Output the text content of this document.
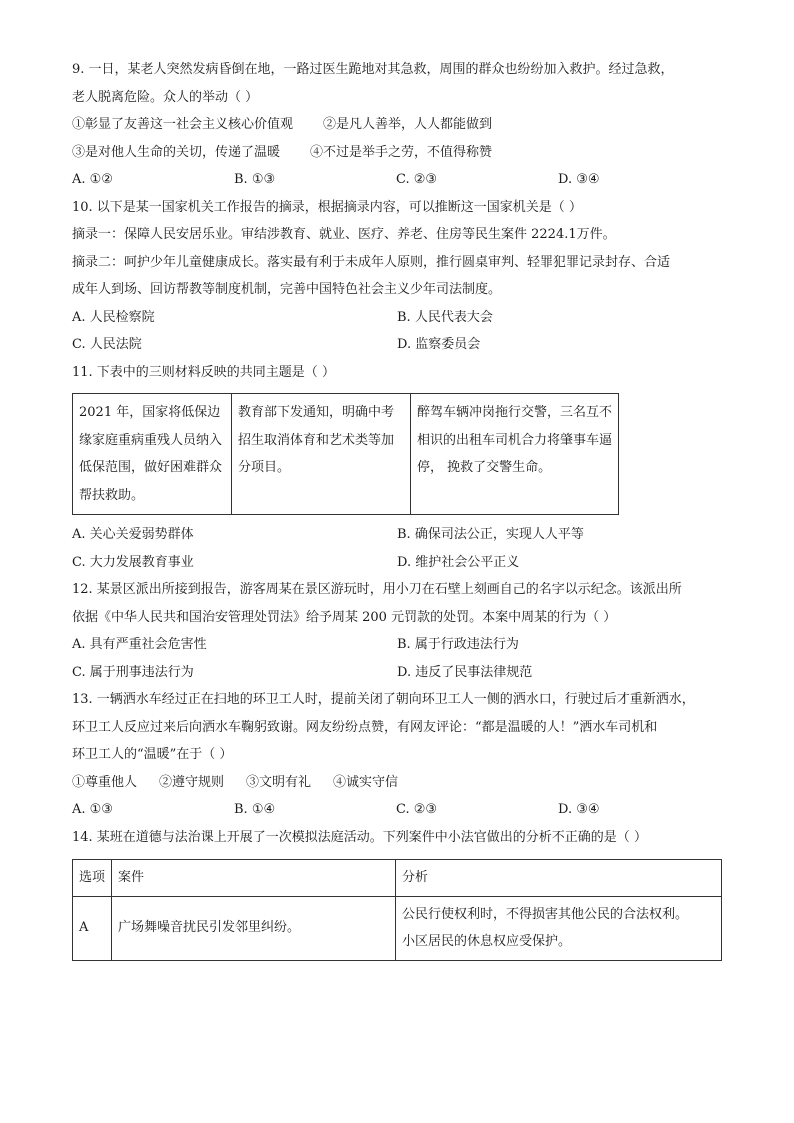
9. 一日，某老人突然发病昏倒在地，一路过医生跪地对其急救，周围的群众也纷纷加入救护。经过急救，
老人脱离危险。众人的举动（ ）
①彰显了友善这一社会主义核心价值观 ②是凡人善举，人人都能做到
③是对他人生命的关切，传递了温暖 ④不过是举手之劳，不值得称赞
A. ①②	B. ①③	C. ②③	D. ③④
10. 以下是某一国家机关工作报告的摘录，根据摘录内容，可以推断这一国家机关是（ ）
摘录一：保障人民安居乐业。审结涉教育、就业、医疗、养老、住房等民生案件 2224.1万件。
摘录二：呵护少年儿童健康成长。落实最有利于未成年人原则，推行圆桌审判、轻罪犯罪记录封存、合适
成年人到场、回访帮教等制度机制，完善中国特色社会主义少年司法制度。
A. 人民检察院	B. 人民代表大会
C. 人民法院	D. 监察委员会
11. 下表中的三则材料反映的共同主题是（ ）
2021 年，国家将低保边缘家庭重病重残人员纳入低保范围，做好困难群众帮扶救助。	教育部下发通知，明确中考招生取消体育和艺术类等加分项目。	醉驾车辆冲岗拖行交警，三名互不相识的出租车司机合力将肇事车逼停， 挽救了交警生命。
A. 关心关爱弱势群体	B. 确保司法公正，实现人人平等
C. 大力发展教育事业	D. 维护社会公平正义
12. 某景区派出所接到报告，游客周某在景区游玩时，用小刀在石壁上刻画自己的名字以示纪念。该派出所
依据《中华人民共和国治安管理处罚法》给予周某 200 元罚款的处罚。本案中周某的行为（ ）
A. 具有严重社会危害性	B. 属于行政违法行为
C. 属于刑事违法行为	D. 违反了民事法律规范
13. 一辆洒水车经过正在扫地的环卫工人时，提前关闭了朝向环卫工人一侧的洒水口，行驶过后才重新洒水，
环卫工人反应过来后向洒水车鞠躬致谢。网友纷纷点赞，有网友评论：“都是温暖的人！”洒水车司机和
环卫工人的“温暖”在于（ ）
①尊重他人 ②遵守规则 ③文明有礼 ④诚实守信
A. ①③	B. ①④	C. ②③	D. ③④
14. 某班在道德与法治课上开展了一次模拟法庭活动。下列案件中小法官做出的分析不正确的是（ ）
选项	案件	分析
A	广场舞噪音扰民引发邻里纠纷。	公民行使权利时，不得损害其他公民的合法权利。
小区居民的休息权应受保护。
